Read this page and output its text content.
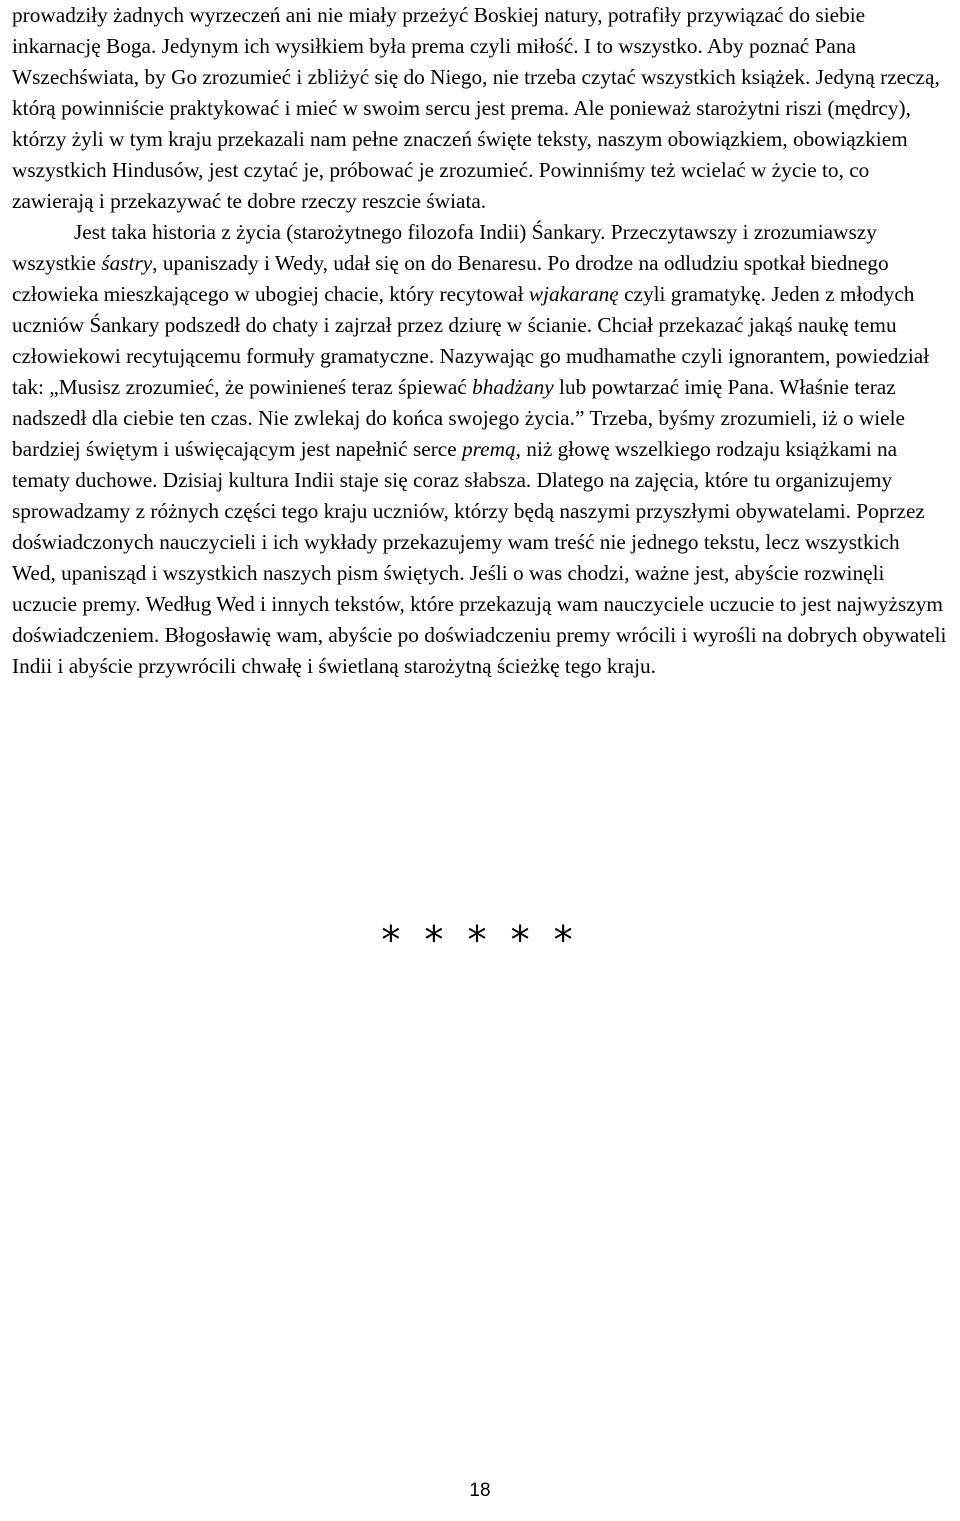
prowadziły żadnych wyrzeczeń ani nie miały przeżyć Boskiej natury, potrafiły przywiązać do siebie inkarnację Boga. Jedynym ich wysiłkiem była prema czyli miłość. I to wszystko. Aby poznać Pana Wszechświata, by Go zrozumieć i zbliżyć się do Niego, nie trzeba czytać wszystkich książek. Jedyną rzeczą, którą powinniście praktykować i mieć w swoim sercu jest prema. Ale ponieważ starożytni riszi (mędrcy), którzy żyli w tym kraju przekazali nam pełne znaczeń święte teksty, naszym obowiązkiem, obowiązkiem wszystkich Hindusów, jest czytać je, próbować je zrozumieć. Powinniśmy też wcielać w życie to, co zawierają i przekazywać te dobre rzeczy reszcie świata.

Jest taka historia z życia (starożytnego filozofa Indii) Śankary. Przeczytawszy i zrozumiawszy wszystkie śastry, upaniszady i Wedy, udał się on do Benaresu. Po drodze na odludziu spotkał biednego człowieka mieszkającego w ubogiej chacie, który recytował wjakaranę czyli gramatykę. Jeden z młodych uczniów Śankary podszedł do chaty i zajrzał przez dziurę w ścianie. Chciał przekazać jakąś naukę temu człowiekowi recytującemu formuły gramatyczne. Nazywając go mudhamathe czyli ignorantem, powiedział tak: „Musisz zrozumieć, że powinieneś teraz śpiewać bhadżany lub powtarzać imię Pana. Właśnie teraz nadszedł dla ciebie ten czas. Nie zwlekaj do końca swojego życia.” Trzeba, byśmy zrozumieli, iż o wiele bardziej świętym i uświęcającym jest napełnić serce premą, niż głowę wszelkiego rodzaju książkami na tematy duchowe. Dzisiaj kultura Indii staje się coraz słabsza. Dlatego na zajęcia, które tu organizujemy sprowadzamy z różnych części tego kraju uczniów, którzy będą naszymi przyszłymi obywatelami. Poprzez doświadczonych nauczycieli i ich wykłady przekazujemy wam treść nie jednego tekstu, lecz wszystkich Wed, upanisząd i wszystkich naszych pism świętych. Jeśli o was chodzi, ważne jest, abyście rozwinęli uczucie premy. Według Wed i innych tekstów, które przekazują wam nauczyciele uczucie to jest najwyższym doświadczeniem. Błogosławię wam, abyście po doświadczeniu premy wrócili i wyrośli na dobrych obywateli Indii i abyście przywrócili chwałę i świetlaną starożytną ścieżkę tego kraju.

* * * * *
18
